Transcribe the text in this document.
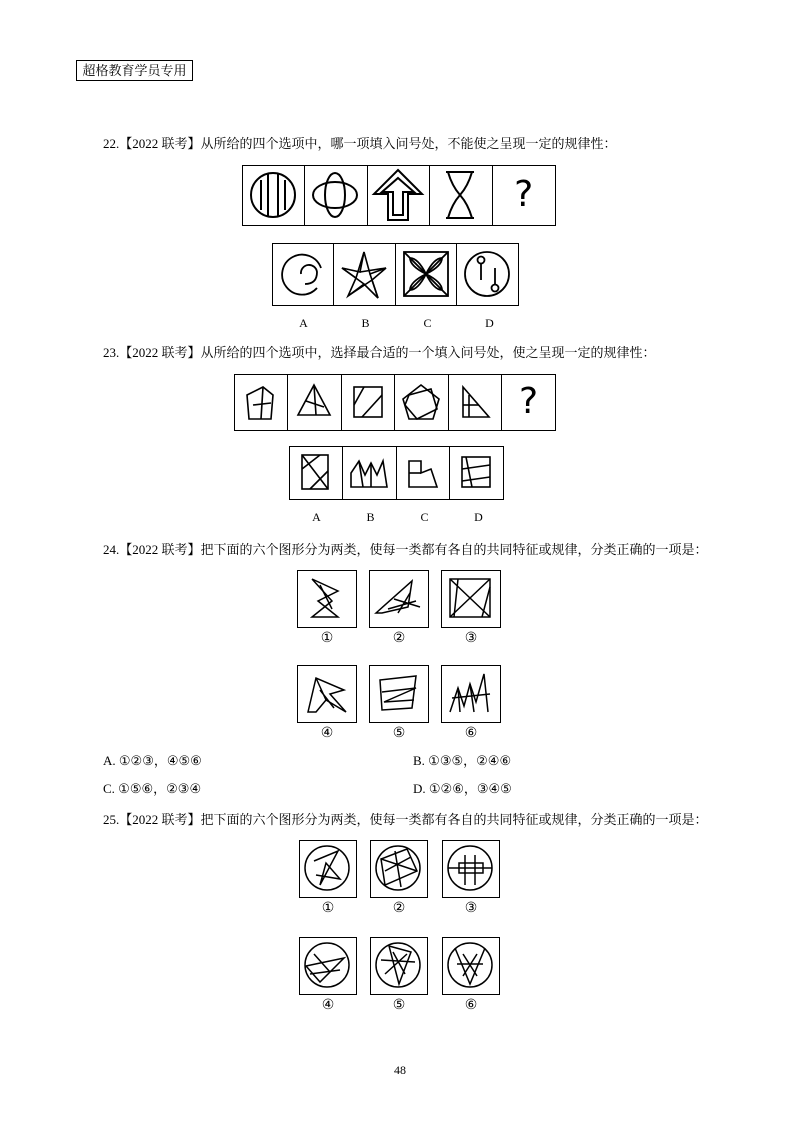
超格教育学员专用
22.【2022 联考】从所给的四个选项中，哪一项填入问号处，不能使之呈现一定的规律性：
?
A	B	C	D
23.【2022 联考】从所给的四个选项中，选择最合适的一个填入问号处，使之呈现一定的规律性：
?
A	B	C	D
24.【2022 联考】把下面的六个图形分为两类，使每一类都有各自的共同特征或规律，分类正确的一项是：
①	②	③
④	⑤	⑥
A. ①②③，④⑤⑥	B. ①③⑤，②④⑥
C. ①⑤⑥，②③④	D. ①②⑥，③④⑤
25.【2022 联考】把下面的六个图形分为两类，使每一类都有各自的共同特征或规律，分类正确的一项是：
①	②	③
④	⑤	⑥
48
